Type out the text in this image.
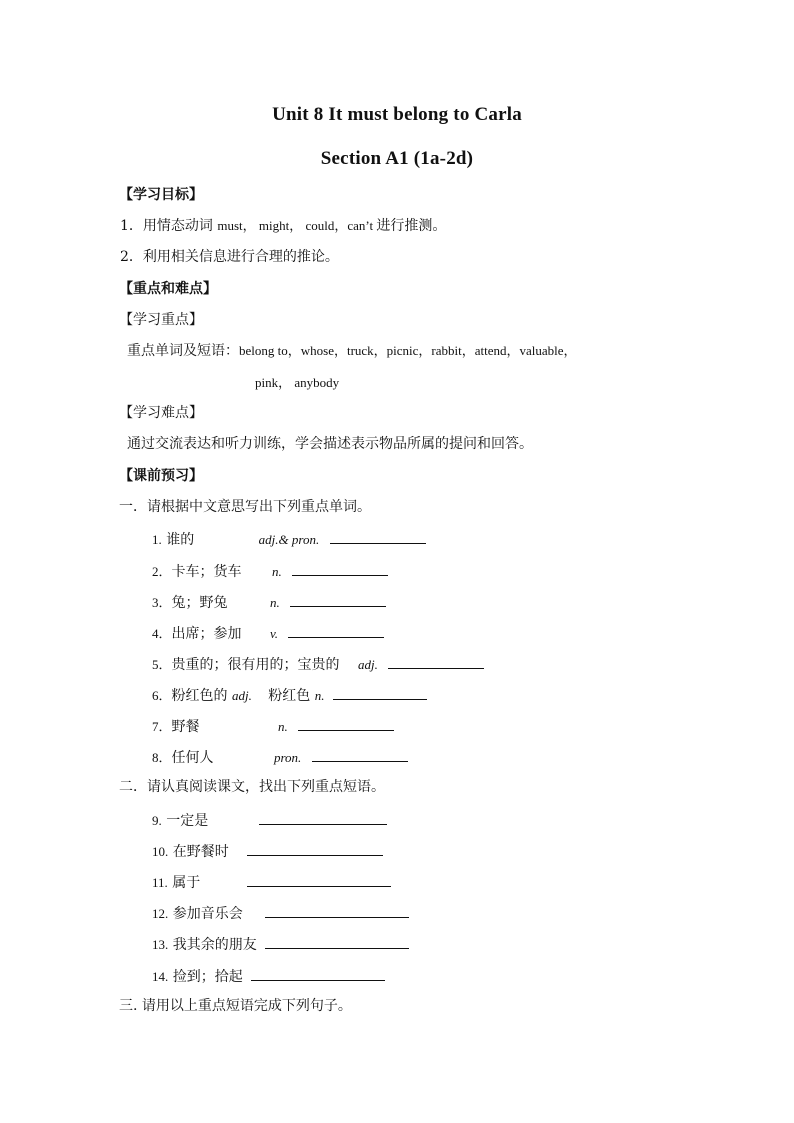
Unit 8 It must belong to Carla
Section A1 (1a-2d)
【学习目标】
1．用情态动词 must， might， could，can’t 进行推测。
2．利用相关信息进行合理的推论。
【重点和难点】
【学习重点】
重点单词及短语：belong to，whose，truck，picnic，rabbit，attend，valuable，
pink， anybody
【学习难点】
通过交流表达和听力训练，学会描述表示物品所属的提问和回答。
【课前预习】
一．请根据中文意思写出下列重点单词。
1. 谁的	adj.& pron.
2．卡车；货车 n.
3．兔；野兔	n.
4．出席；参加 v.
5．贵重的；很有用的；宝贵的 adj.
6．粉红色的 adj. 粉红色 n.
7．野餐	n.
8．任何人	pron.
二．请认真阅读课文，找出下列重点短语。
9. 一定是
10. 在野餐时
11. 属于
12. 参加音乐会
13. 我其余的朋友
14. 捡到；拾起
三. 请用以上重点短语完成下列句子。
